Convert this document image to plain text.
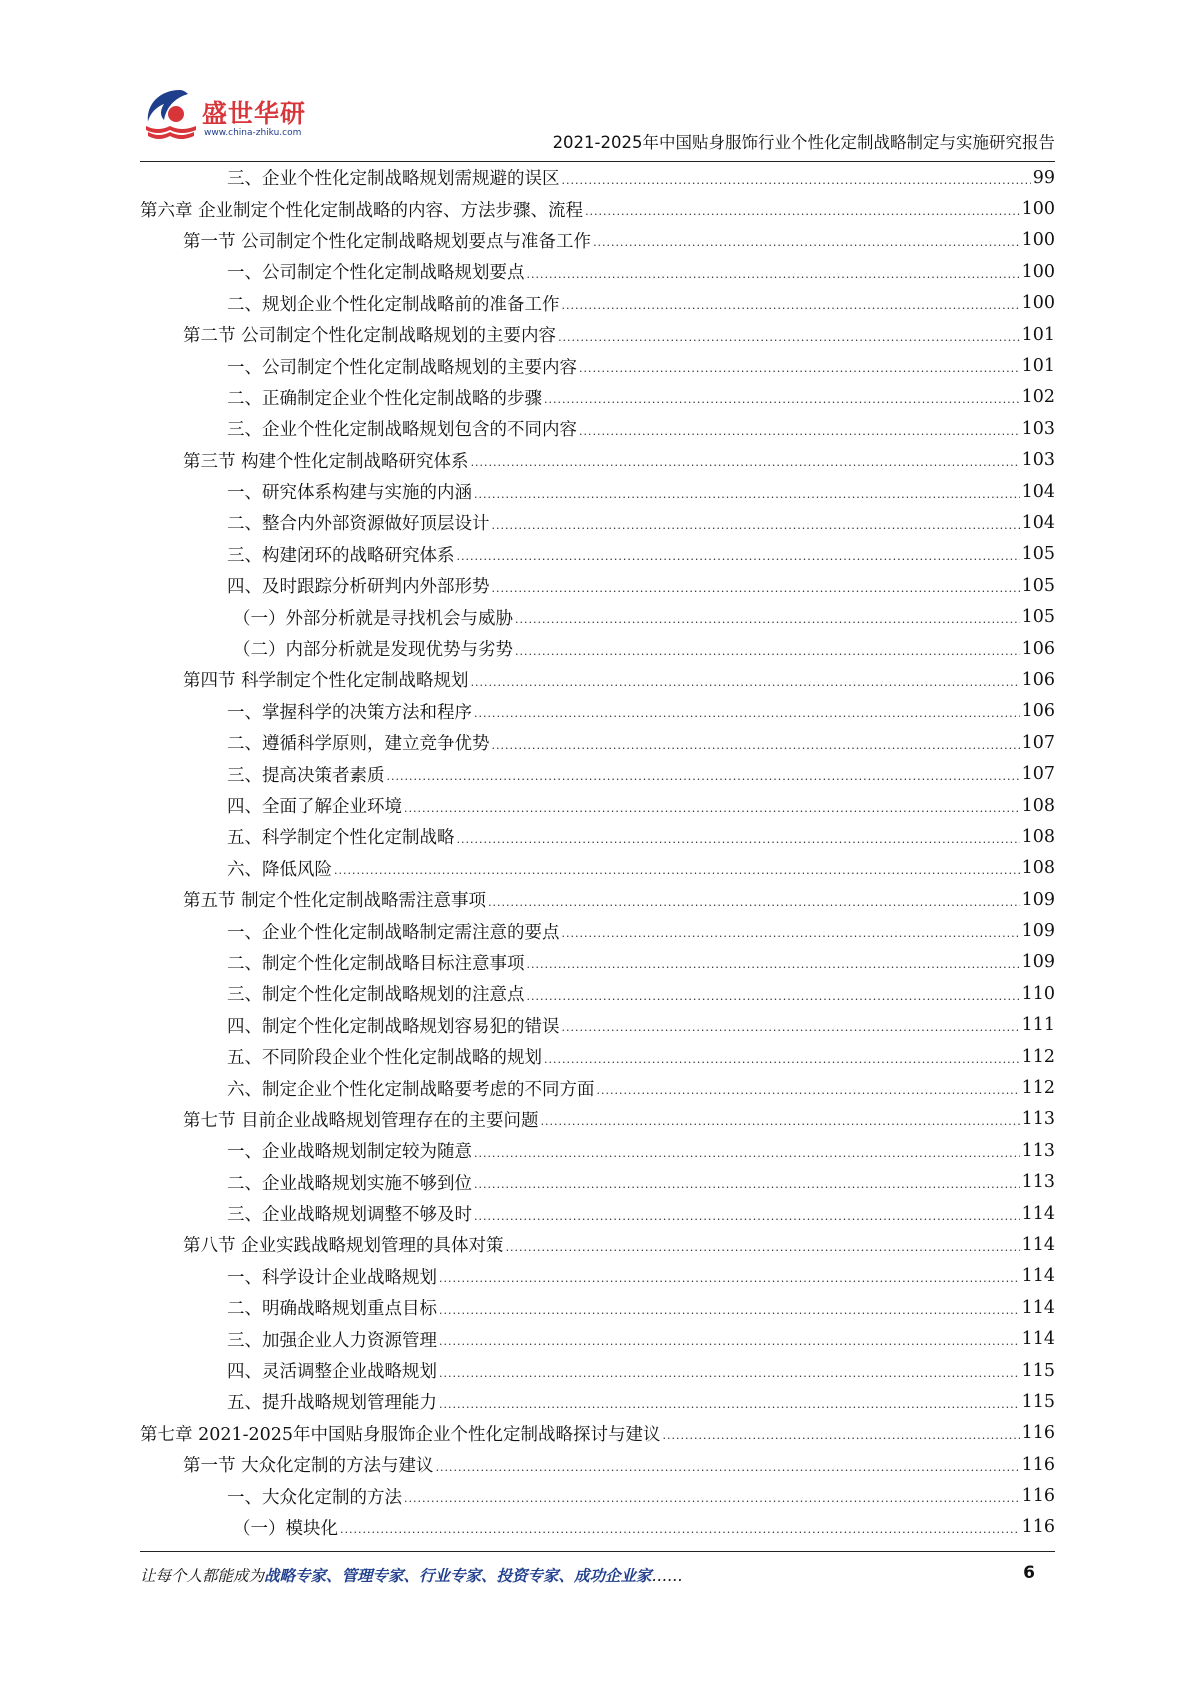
盛世华研
www.china-zhiku.com	2021-2025年中国贴身服饰行业个性化定制战略制定与实施研究报告
三、企业个性化定制战略规划需规避的误区 .....	99
第六章 企业制定个性化定制战略的内容、方法步骤、流程 .....	100
第一节 公司制定个性化定制战略规划要点与准备工作 .....	100
一、公司制定个性化定制战略规划要点 .....	100
二、规划企业个性化定制战略前的准备工作 .....	100
第二节 公司制定个性化定制战略规划的主要内容 .....	101
一、公司制定个性化定制战略规划的主要内容 .....	101
二、正确制定企业个性化定制战略的步骤 .....	102
三、企业个性化定制战略规划包含的不同内容 .....	103
第三节 构建个性化定制战略研究体系 .....	103
一、研究体系构建与实施的内涵 .....	104
二、整合内外部资源做好顶层设计 .....	104
三、构建闭环的战略研究体系 .....	105
四、及时跟踪分析研判内外部形势 .....	105
（一）外部分析就是寻找机会与威胁 .....	105
（二）内部分析就是发现优势与劣势 .....	106
第四节 科学制定个性化定制战略规划 .....	106
一、掌握科学的决策方法和程序 .....	106
二、遵循科学原则，建立竞争优势 .....	107
三、提高决策者素质 .....	107
四、全面了解企业环境 .....	108
五、科学制定个性化定制战略 .....	108
六、降低风险 .....	108
第五节 制定个性化定制战略需注意事项 .....	109
一、企业个性化定制战略制定需注意的要点 .....	109
二、制定个性化定制战略目标注意事项 .....	109
三、制定个性化定制战略规划的注意点 .....	110
四、制定个性化定制战略规划容易犯的错误 .....	111
五、不同阶段企业个性化定制战略的规划 .....	112
六、制定企业个性化定制战略要考虑的不同方面 .....	112
第七节 目前企业战略规划管理存在的主要问题 .....	113
一、企业战略规划制定较为随意 .....	113
二、企业战略规划实施不够到位 .....	113
三、企业战略规划调整不够及时 .....	114
第八节 企业实践战略规划管理的具体对策 .....	114
一、科学设计企业战略规划 .....	114
二、明确战略规划重点目标 .....	114
三、加强企业人力资源管理 .....	114
四、灵活调整企业战略规划 .....	115
五、提升战略规划管理能力 .....	115
第七章 2021-2025年中国贴身服饰企业个性化定制战略探讨与建议 .....	116
第一节 大众化定制的方法与建议 .....	116
一、大众化定制的方法 .....	116
（一）模块化 .....	116
让每个人都能成为战略专家、管理专家、行业专家、投资专家、成功企业家……	6
